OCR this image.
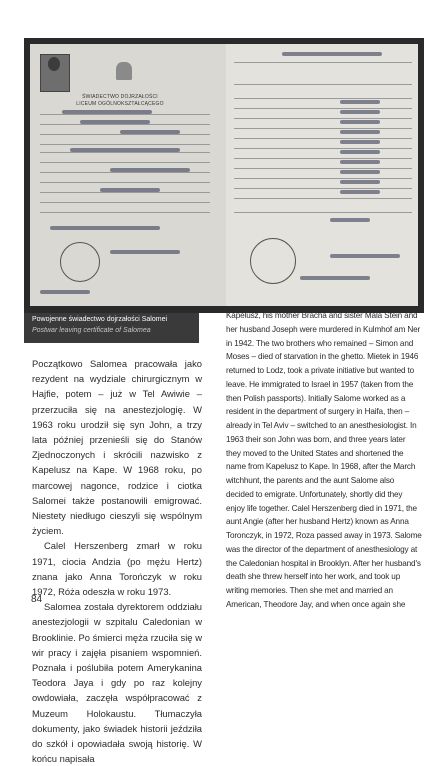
ŚWIADECTWO DOJRZAŁOŚCI
LICEUM OGÓLNOKSZTAŁCĄCEGO
Powojenne świadectwo dojrzałości Salomei
Postwar leaving certificate of Salomea

Początkowo Salomea pracowała jako rezydent na wydziale chirurgicznym w Hajfie, potem – już w Tel Awiwie – przerzuciła się na anestezjologię. W 1963 roku urodził się syn John, a trzy lata później przenieśli się do Stanów Zjednoczonych i skrócili nazwisko z Kapelusz na Kape. W 1968 roku, po marcowej nagonce, rodzice i ciotka Salomei także postanowili emigrować. Niestety niedługo cieszyli się wspólnym życiem.

Calel Herszenberg zmarł w roku 1971, ciocia Andzia (po mężu Hertz) znana jako Anna Torończyk w roku 1972, Róża odeszła w roku 1973.

Salomea została dyrektorem oddziału anestezjologii w szpitalu Caledonian w Brooklinie. Po śmierci męża rzuciła się w wir pracy i zajęła pisaniem wspomnień. Poznała i poślubiła potem Amerykanina Teodora Jaya i gdy po raz kolejny owdowiała, zaczęła współpracować z Muzeum Holokaustu. Tłumaczyła dokumenty, jako świadek historii jeździła do szkół i opowiadała swoją historię. W końcu napisała

Kapelusz, his mother Bracha and sister Mala Stein and her husband Joseph were murdered in Kulmhof am Ner in 1942. The two brothers who remained – Simon and Moses – died of starvation in the ghetto. Mietek in 1946 returned to Lodz, took a private initiative but wanted to leave. He immigrated to Israel in 1957 (taken from the then Polish passports). Initially Salome worked as a resident in the department of surgery in Haifa, then – already in Tel Aviv – switched to an anesthesiologist. In 1963 their son John was born, and three years later they moved to the United States and shortened the name from Kapelusz to Kape. In 1968, after the March witchhunt, the parents and the aunt Salome also decided to emigrate. Unfortunately, shortly did they enjoy life together. Calel Herszenberg died in 1971, the aunt Angie (after her husband Hertz) known as Anna Toronczyk, in 1972, Roza passed away in 1973. Salome was the director of the department of anesthesiology at the Caledonian hospital in Brooklyn. After her husband's death she threw herself into her work, and took up writing memories. Then she met and married an American, Theodore Jay, and when once again she

84
